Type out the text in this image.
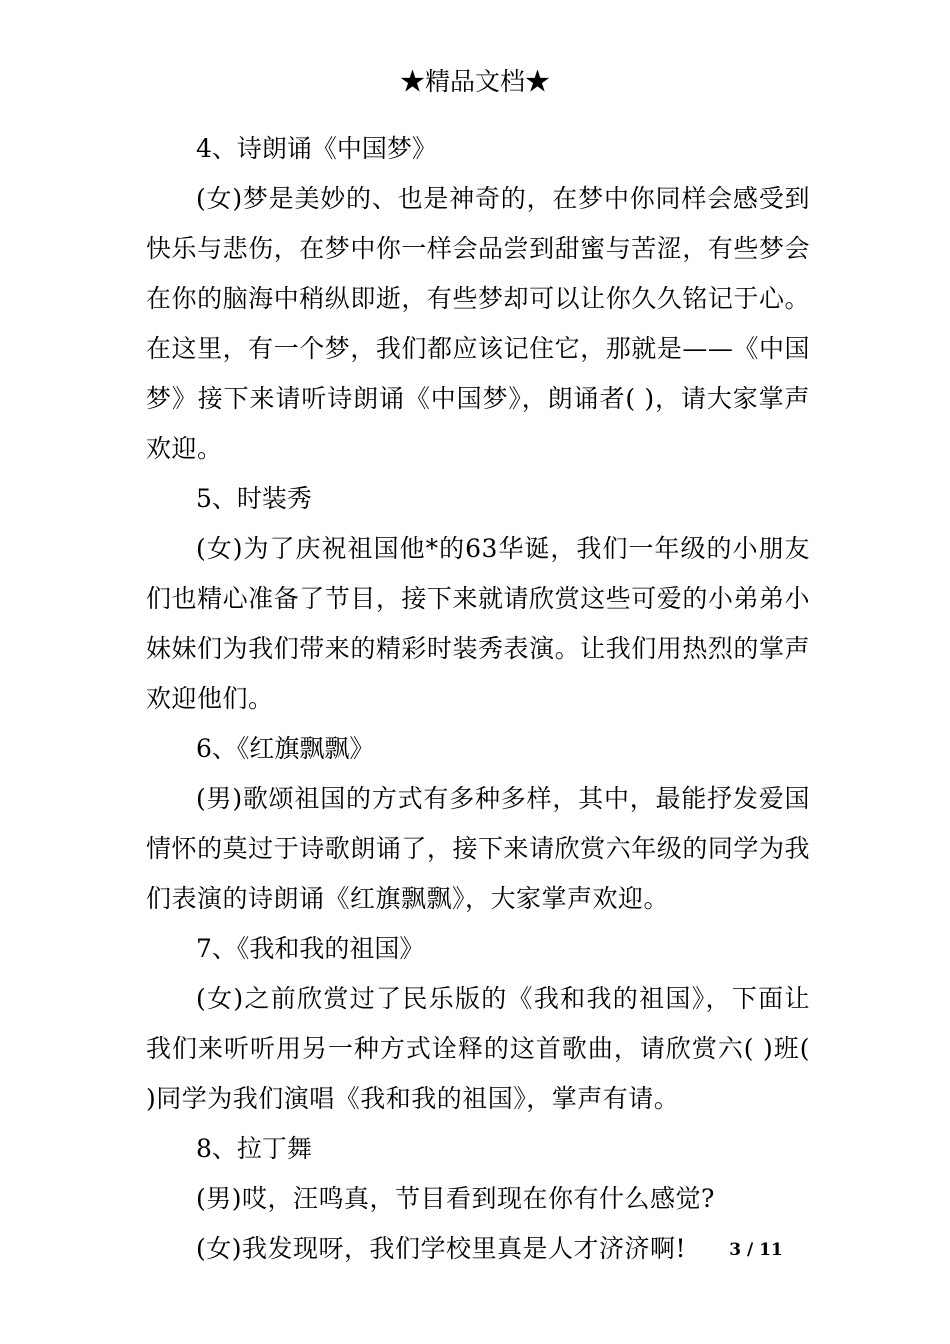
★精品文档★

4、诗朗诵《中国梦》

(女)梦是美妙的、也是神奇的，在梦中你同样会感受到快乐与悲伤，在梦中你一样会品尝到甜蜜与苦涩，有些梦会在你的脑海中稍纵即逝，有些梦却可以让你久久铭记于心。在这里，有一个梦，我们都应该记住它，那就是——《中国梦》接下来请听诗朗诵《中国梦》，朗诵者( )，请大家掌声欢迎。

5、时装秀

(女)为了庆祝祖国他*的63华诞，我们一年级的小朋友们也精心准备了节目，接下来就请欣赏这些可爱的小弟弟小妹妹们为我们带来的精彩时装秀表演。让我们用热烈的掌声欢迎他们。

6、《红旗飘飘》

(男)歌颂祖国的方式有多种多样，其中，最能抒发爱国情怀的莫过于诗歌朗诵了，接下来请欣赏六年级的同学为我们表演的诗朗诵《红旗飘飘》，大家掌声欢迎。

7、《我和我的祖国》

(女)之前欣赏过了民乐版的《我和我的祖国》，下面让我们来听听用另一种方式诠释的这首歌曲，请欣赏六( )班( )同学为我们演唱《我和我的祖国》，掌声有请。

8、拉丁舞

(男)哎，汪鸣真，节目看到现在你有什么感觉?

(女)我发现呀，我们学校里真是人才济济啊!	3 / 11
